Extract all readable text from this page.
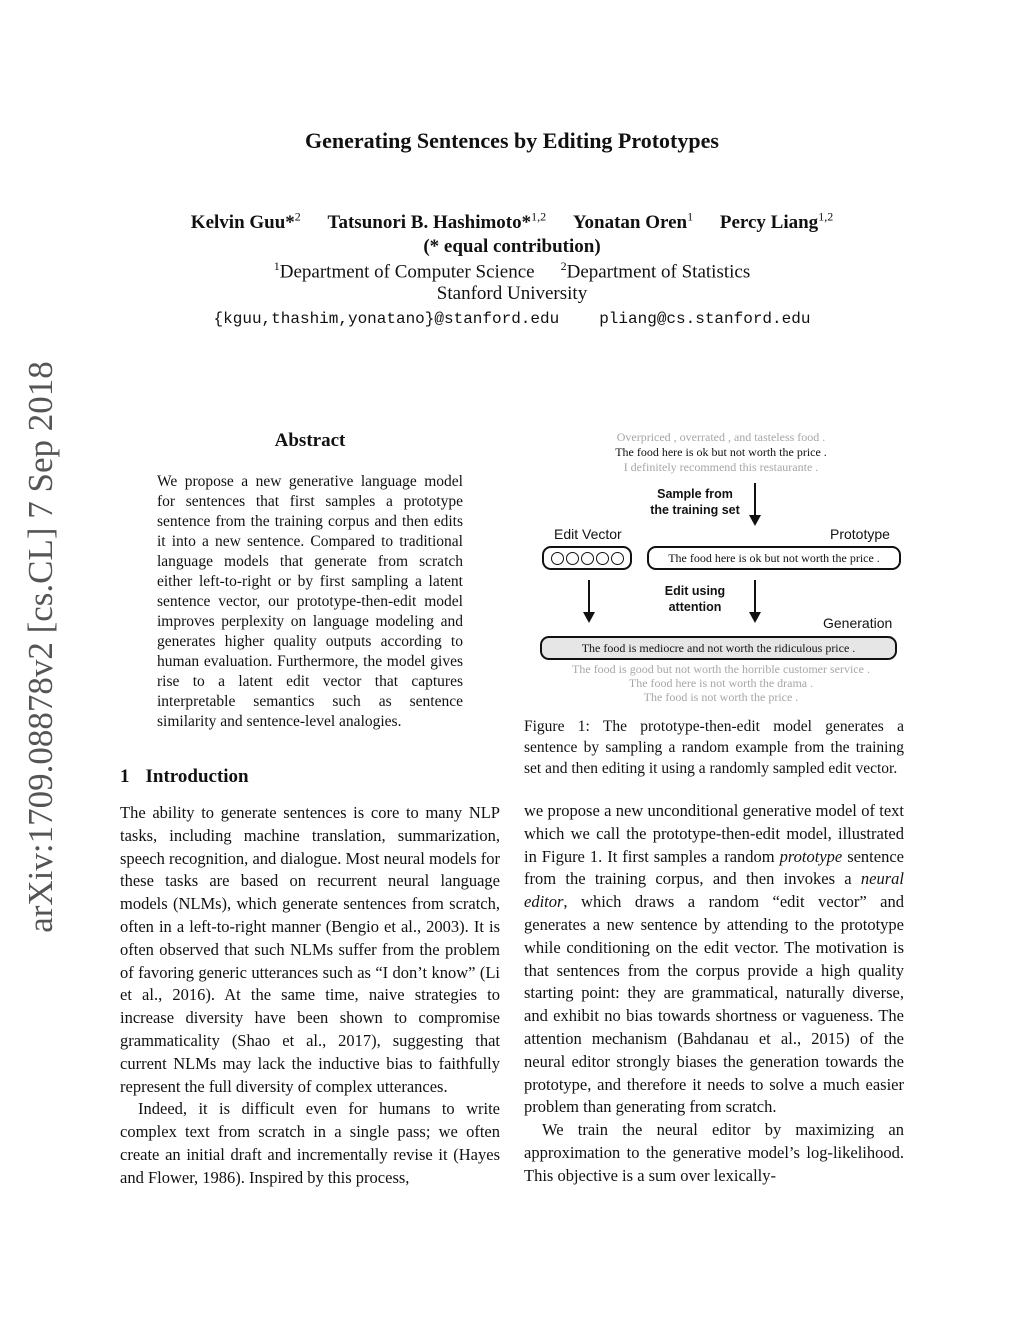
Generating Sentences by Editing Prototypes
Kelvin Guu*$^2$ Tatsunori B. Hashimoto*$^{1,2}$ Yonatan Oren$^1$ Percy Liang$^{1,2}$
(* equal contribution)
$^1$Department of Computer Science $^2$Department of Statistics
Stanford University
{kguu,thashim,yonatano}@stanford.edu	pliang@cs.stanford.edu
arXiv:1709.08878v2 [cs.CL] 7 Sep 2018	Abstract

We propose a new generative language model for sentences that first samples a prototype sentence from the training corpus and then edits it into a new sentence. Compared to traditional language models that generate from scratch either left-to-right or by first sampling a latent sentence vector, our prototype-then-edit model improves perplexity on language modeling and generates higher quality outputs according to human evaluation. Furthermore, the model gives rise to a latent edit vector that captures interpretable semantics such as sentence similarity and sentence-level analogies.

1 Introduction

The ability to generate sentences is core to many NLP tasks, including machine translation, summarization, speech recognition, and dialogue. Most neural models for these tasks are based on recurrent neural language models (NLMs), which generate sentences from scratch, often in a left-to-right manner (Bengio et al., 2003). It is often observed that such NLMs suffer from the problem of favoring generic utterances such as “I don’t know” (Li et al., 2016). At the same time, naive strategies to increase diversity have been shown to compromise grammaticality (Shao et al., 2017), suggesting that current NLMs may lack the inductive bias to faithfully represent the full diversity of complex utterances.

Indeed, it is difficult even for humans to write complex text from scratch in a single pass; we often create an initial draft and incrementally revise it (Hayes and Flower, 1986). Inspired by this process,

Overpriced , overrated , and tasteless food .
The food here is ok but not worth the price .
I definitely recommend this restaurante .
Sample from
the training set
Edit Vector	Prototype
The food here is ok but not worth the price .
Edit using
attention
Generation
The food is mediocre and not worth the ridiculous price .
The food is good but not worth the horrible customer service .
The food here is not worth the drama .
The food is not worth the price .

Figure 1: The prototype-then-edit model generates a sentence by sampling a random example from the training set and then editing it using a randomly sampled edit vector.

we propose a new unconditional generative model of text which we call the prototype-then-edit model, illustrated in Figure 1. It first samples a random prototype sentence from the training corpus, and then invokes a neural editor, which draws a random “edit vector” and generates a new sentence by attending to the prototype while conditioning on the edit vector. The motivation is that sentences from the corpus provide a high quality starting point: they are grammatical, naturally diverse, and exhibit no bias towards shortness or vagueness. The attention mechanism (Bahdanau et al., 2015) of the neural editor strongly biases the generation towards the prototype, and therefore it needs to solve a much easier problem than generating from scratch.

We train the neural editor by maximizing an approximation to the generative model’s log-likelihood. This objective is a sum over lexically-
